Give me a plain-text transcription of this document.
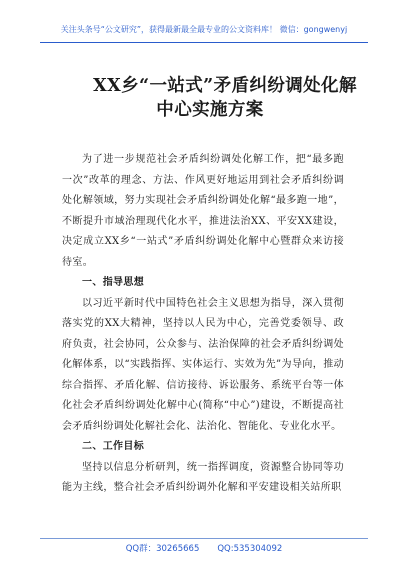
关注头条号“公文研究”，获得最新最全最专业的公文资料库！ 微信：gongwenyj
XX乡“一站式”矛盾纠纷调处化解
中心实施方案

为了进一步规范社会矛盾纠纷调处化解工作，把“最多跑一次”改革的理念、方法、作风更好地运用到社会矛盾纠纷调处化解领域，努力实现社会矛盾纠纷调处化解“最多跑一地”，不断提升市域治理现代化水平，推进法治XX、平安XX建设，决定成立XX乡“一站式”矛盾纠纷调处化解中心暨群众来访接待室。

一、指导思想

以习近平新时代中国特色社会主义思想为指导，深入贯彻落实党的XX大精神，坚持以人民为中心，完善党委领导、政府负责，社会协同，公众参与、法治保障的社会矛盾纠纷调处化解体系，以“实践指挥、实体运行、实效为先”为导向，推动综合指挥、矛盾化解、信访接待、诉讼服务、系统平台等一体化社会矛盾纠纷调处化解中心(简称“中心”)建设，不断提高社会矛盾纠纷调处化解社会化、法治化、智能化、专业化水平。

二、工作目标

坚持以信息分析研判，统一指挥调度，资源整合协同等功能为主线，整合社会矛盾纠纷调外化解和平安建设相关站所职

QQ群：30265665 QQ:535304092
